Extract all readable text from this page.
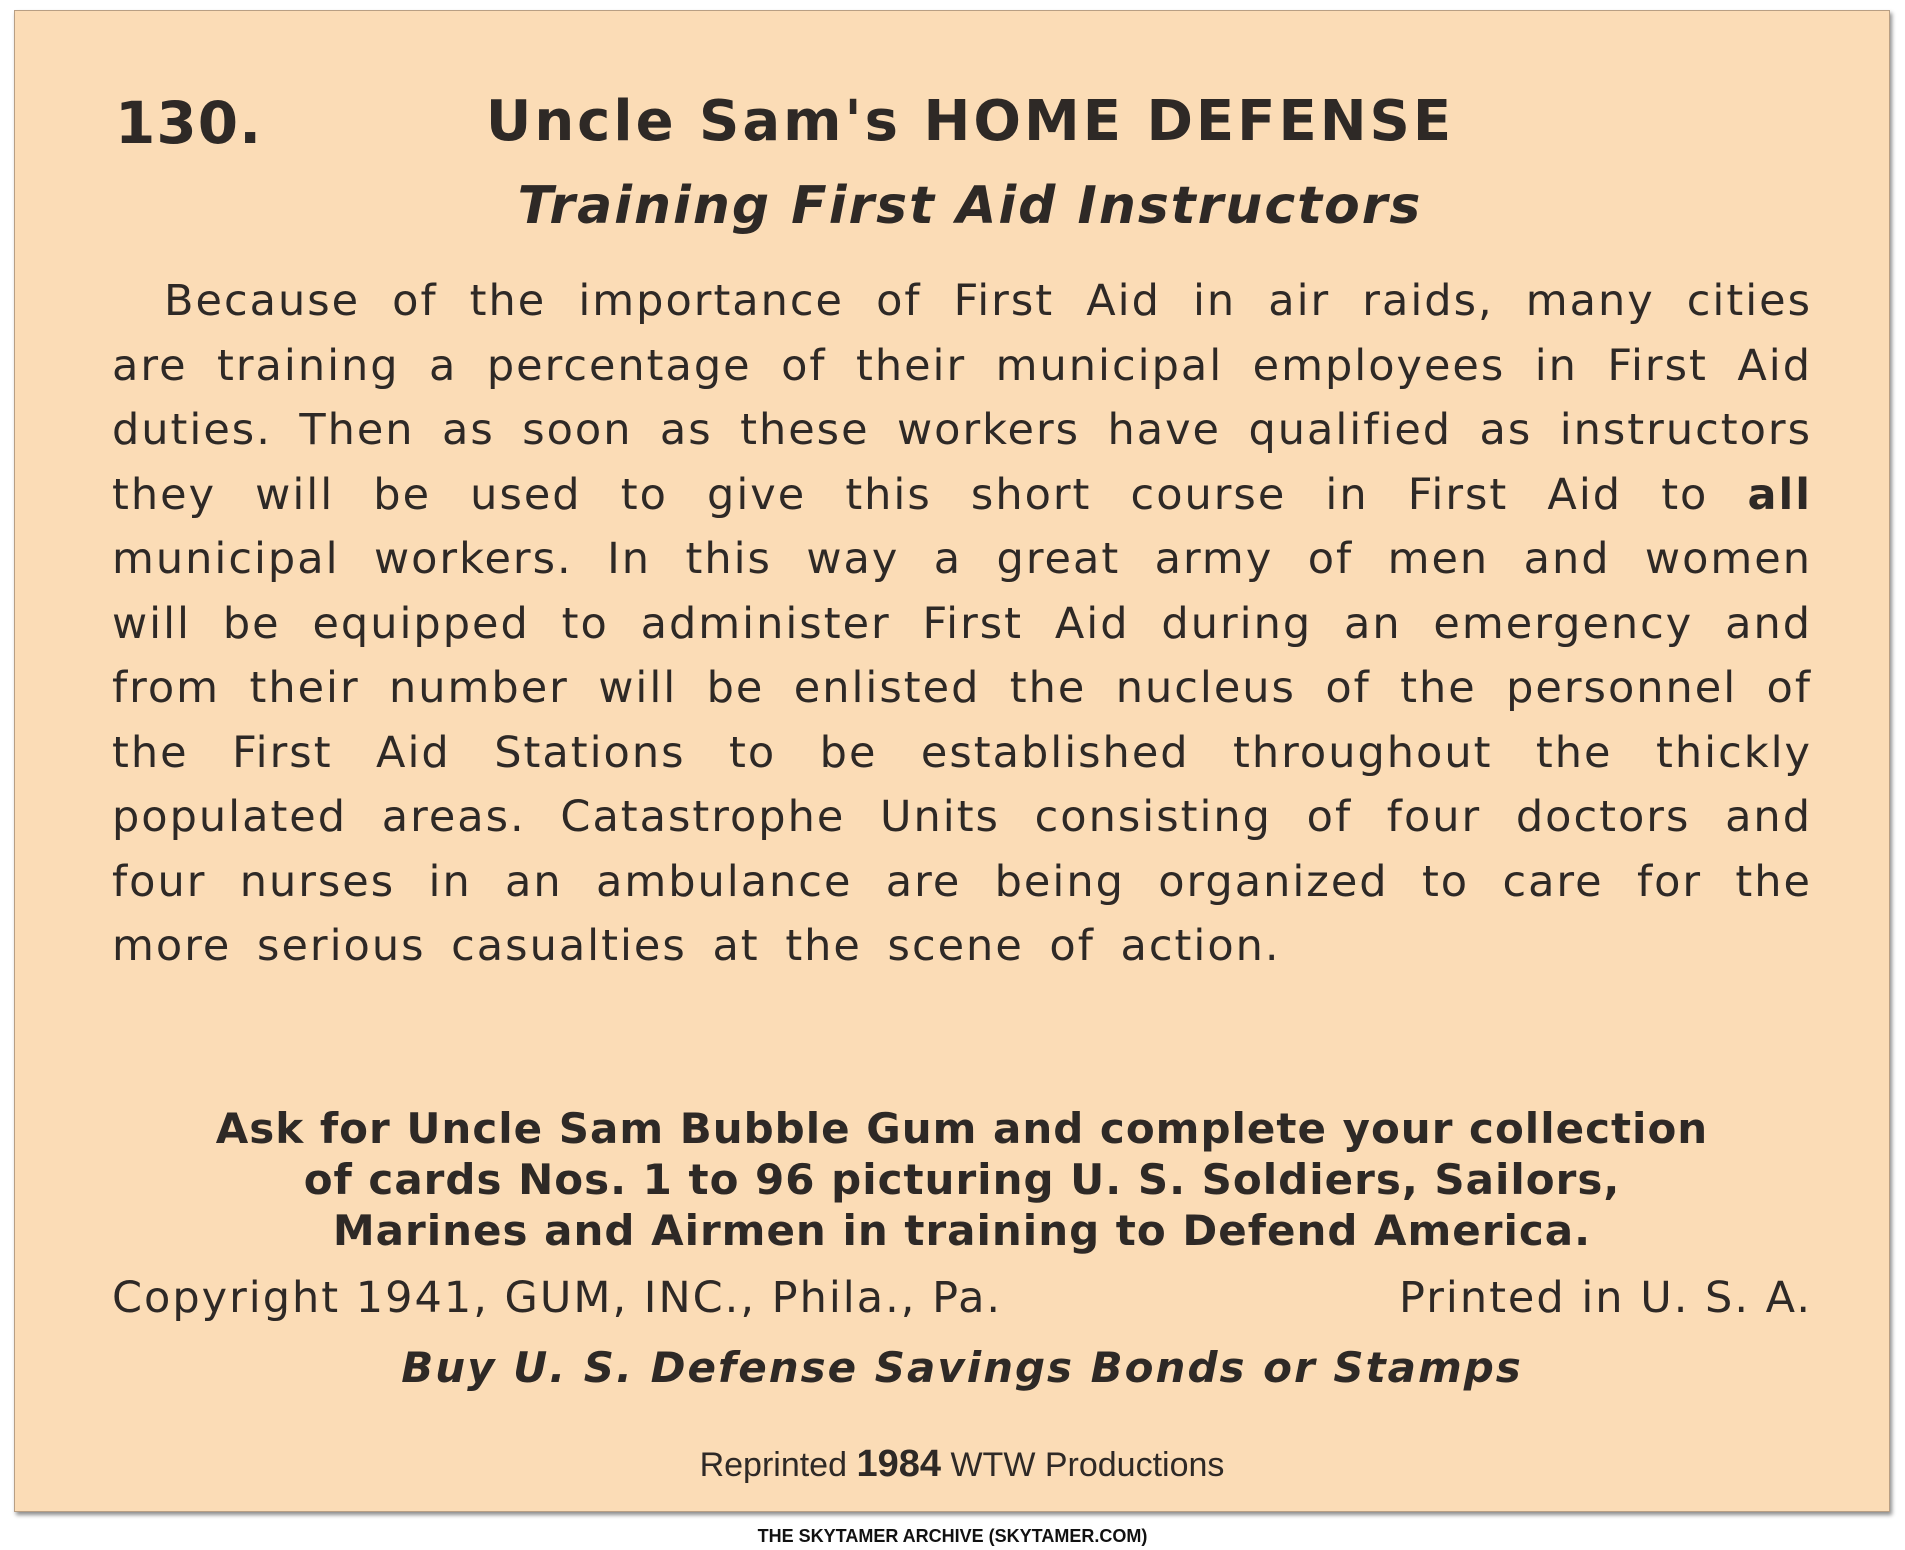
130.	Uncle Sam's HOME DEFENSE
Training First Aid Instructors

Because of the importance of First Aid in air raids, many cities are training a percentage of their municipal employees in First Aid duties. Then as soon as these workers have qualified as instructors they will be used to give this short course in First Aid to all municipal workers. In this way a great army of men and women will be equipped to administer First Aid during an emergency and from their number will be enlisted the nucleus of the personnel of the First Aid Stations to be established throughout the thickly populated areas. Catastrophe Units consisting of four doctors and four nurses in an ambulance are being organized to care for the more serious casualties at the scene of action.

Ask for Uncle Sam Bubble Gum and complete your collection
of cards Nos. 1 to 96 picturing U. S. Soldiers, Sailors,
Marines and Airmen in training to Defend America.
Copyright 1941, GUM, INC., Phila., Pa.	Printed in U. S. A.
Buy U. S. Defense Savings Bonds or Stamps
Reprinted 1984 WTW Productions
THE SKYTAMER ARCHIVE (SKYTAMER.COM)
